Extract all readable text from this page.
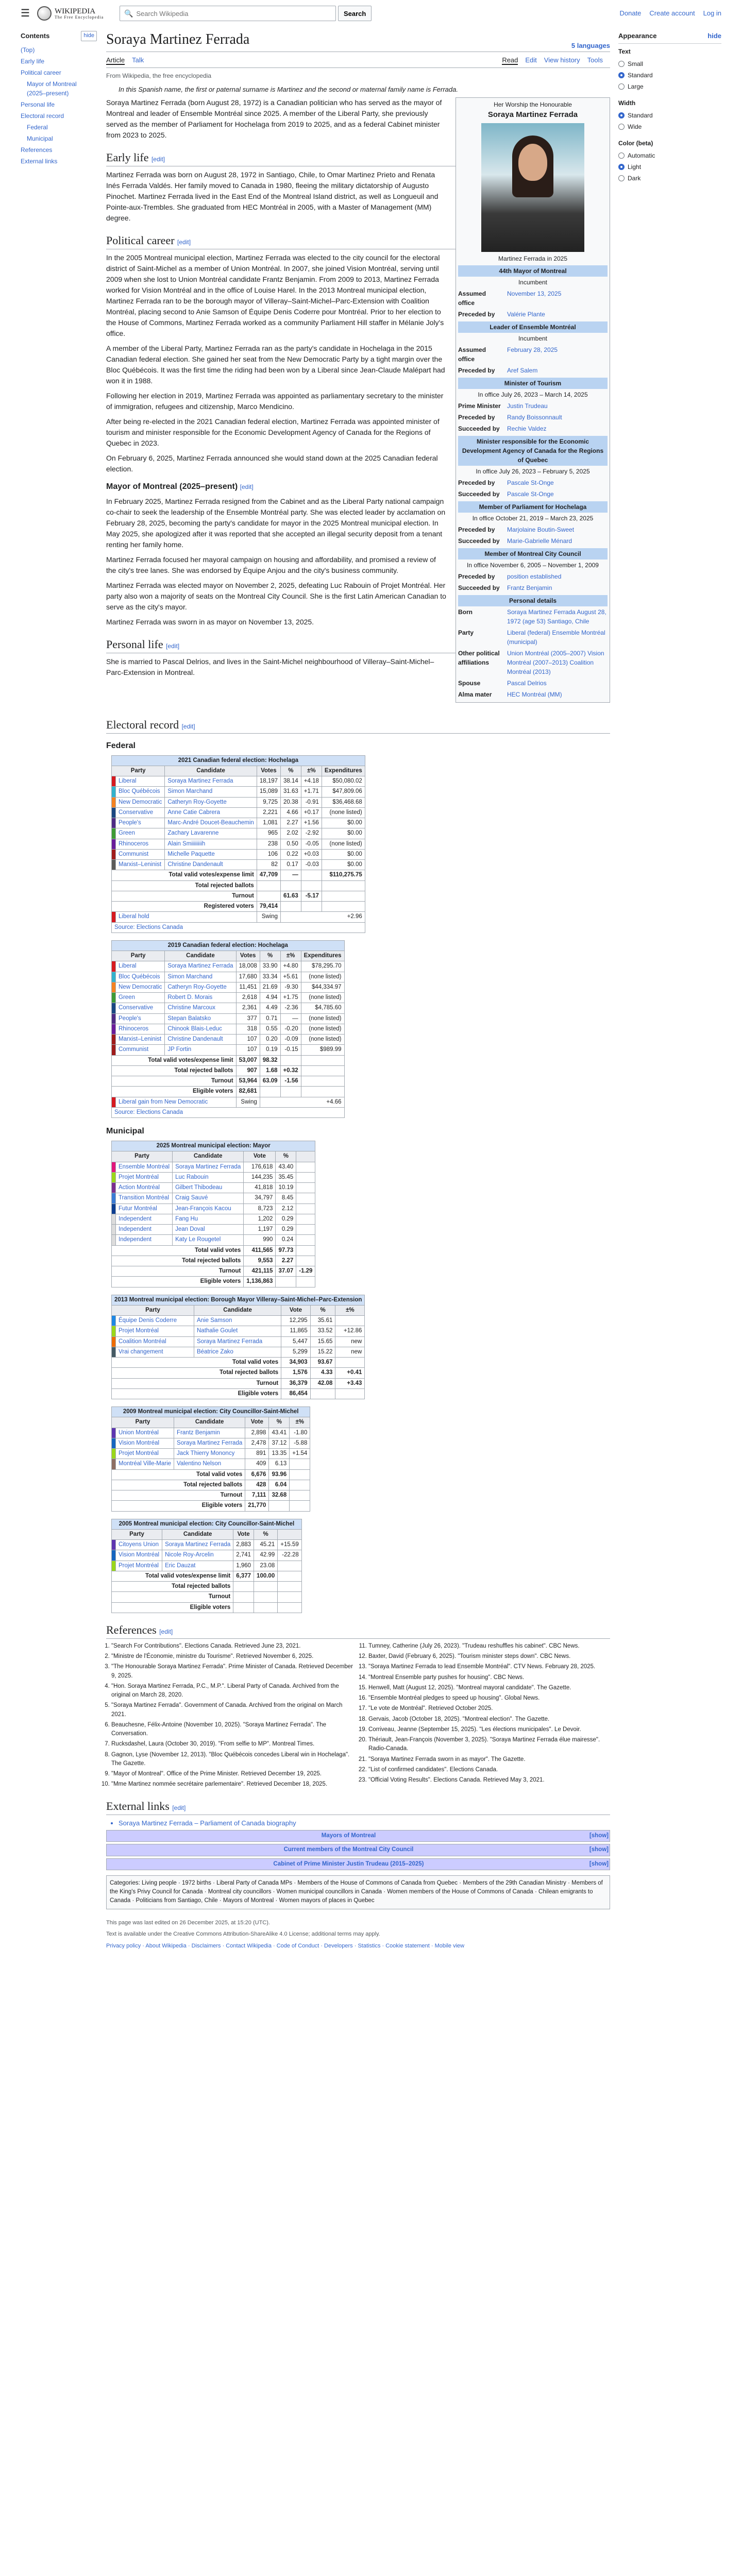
☰	WIKIPEDIA
The Free Encyclopedia	🔍
Search Wikipedia	Search	Donate Create account Log in
Contents	hide
(Top)
Early life
Political career
Mayor of Montreal (2025–present)
Personal life
Electoral record
Federal
Municipal
References
External links
Appearance	hide
Text
Small
Standard
Large
Width
Standard
Wide
Color (beta)
Automatic
Light
Dark
Soraya Martinez Ferrada	5 languages
Article Talk	Read Edit View history Tools
From Wikipedia, the free encyclopedia
In this Spanish name, the first or paternal surname is Martinez and the second or maternal family name is Ferrada.
Her Worship the Honourable
Soraya Martinez Ferrada
Martinez Ferrada in 2025
44th Mayor of Montreal
Incumbent
Assumed office
November 13, 2025
Preceded by	Valérie Plante
Leader of Ensemble Montréal
Incumbent
Assumed office
February 28, 2025
Preceded by	Aref Salem
Minister of Tourism
In office July 26, 2023 – March 14, 2025
Prime Minister	Justin Trudeau
Preceded by	Randy Boissonnault
Succeeded by	Rechie Valdez
Minister responsible for the Economic Development Agency of Canada for the Regions of Quebec
In office July 26, 2023 – February 5, 2025
Preceded by	Pascale St-Onge
Succeeded by	Pascale St-Onge
Member of Parliament for Hochelaga
In office October 21, 2019 – March 23, 2025
Preceded by	Marjolaine Boutin-Sweet
Succeeded by	Marie-Gabrielle Ménard
Member of Montreal City Council
In office November 6, 2005 – November 1, 2009
Preceded by	position established
Succeeded by	Frantz Benjamin
Personal details
Born	Soraya Martinez Ferrada August 28, 1972 (age 53) Santiago, Chile
Party	Liberal (federal) Ensemble Montréal (municipal)
Other political affiliations
Union Montréal (2005–2007) Vision Montréal (2007–2013) Coalition Montréal (2013)
Spouse	Pascal Delrios
Alma mater	HEC Montréal (MM)

Soraya Martinez Ferrada (born August 28, 1972) is a Canadian politician who has served as the mayor of Montreal and leader of Ensemble Montréal since 2025. A member of the Liberal Party, she previously served as the member of Parliament for Hochelaga from 2019 to 2025, and as a federal Cabinet minister from 2023 to 2025.

Early life [edit]

Martinez Ferrada was born on August 28, 1972 in Santiago, Chile, to Omar Martinez Prieto and Renata Inés Ferrada Valdés. Her family moved to Canada in 1980, fleeing the military dictatorship of Augusto Pinochet. Martinez Ferrada lived in the East End of the Montreal Island district, as well as Longueuil and Pointe-aux-Trembles. She graduated from HEC Montréal in 2005, with a Master of Management (MM) degree.

Political career [edit]

In the 2005 Montreal municipal election, Martinez Ferrada was elected to the city council for the electoral district of Saint-Michel as a member of Union Montréal. In 2007, she joined Vision Montréal, serving until 2009 when she lost to Union Montréal candidate Frantz Benjamin. From 2009 to 2013, Martinez Ferrada worked for Vision Montréal and in the office of Louise Harel. In the 2013 Montreal municipal election, Martinez Ferrada ran to be the borough mayor of Villeray–Saint-Michel–Parc-Extension with Coalition Montréal, placing second to Anie Samson of Équipe Denis Coderre pour Montréal. Prior to her election to the House of Commons, Martinez Ferrada worked as a community Parliament Hill staffer in Mélanie Joly's office.

A member of the Liberal Party, Martinez Ferrada ran as the party's candidate in Hochelaga in the 2015 Canadian federal election. She gained her seat from the New Democratic Party by a tight margin over the Bloc Québécois. It was the first time the riding had been won by a Liberal since Jean-Claude Malépart had won it in 1988.

Following her election in 2019, Martinez Ferrada was appointed as parliamentary secretary to the minister of immigration, refugees and citizenship, Marco Mendicino.

After being re-elected in the 2021 Canadian federal election, Martinez Ferrada was appointed minister of tourism and minister responsible for the Economic Development Agency of Canada for the Regions of Quebec in 2023.

On February 6, 2025, Martinez Ferrada announced she would stand down at the 2025 Canadian federal election.

Mayor of Montreal (2025–present) [edit]

In February 2025, Martinez Ferrada resigned from the Cabinet and as the Liberal Party national campaign co-chair to seek the leadership of the Ensemble Montréal party. She was elected leader by acclamation on February 28, 2025, becoming the party's candidate for mayor in the 2025 Montreal municipal election. In May 2025, she apologized after it was reported that she accepted an illegal security deposit from a tenant renting her family home.

Martinez Ferrada focused her mayoral campaign on housing and affordability, and promised a review of the city's tree lanes. She was endorsed by Équipe Anjou and the city's business community.

Martinez Ferrada was elected mayor on November 2, 2025, defeating Luc Rabouin of Projet Montréal. Her party also won a majority of seats on the Montreal City Council. She is the first Latin American Canadian to serve as the city's mayor.

Martinez Ferrada was sworn in as mayor on November 13, 2025.

Personal life [edit]

She is married to Pascal Delrios, and lives in the Saint-Michel neighbourhood of Villeray–Saint-Michel–Parc-Extension in Montreal.

Electoral record [edit]
Federal
2021 Canadian federal election: Hochelaga						
Party		Candidate	Votes	%	±%	Expenditures
	Liberal	Soraya Martinez Ferrada	18,197	38.14	+4.18	$50,080.02
	Bloc Québécois	Simon Marchand	15,089	31.63	+1.71	$47,809.06
	New Democratic	Catheryn Roy-Goyette	9,725	20.38	-0.91	$36,468.68
	Conservative	Anne Catie Cabrera	2,221	4.66	+0.17	(none listed)
	People's	Marc-André Doucet-Beauchemin	1,081	2.27	+1.56	$0.00
	Green	Zachary Lavarenne	965	2.02	-2.92	$0.00
	Rhinoceros	Alain Smiiiiiiiih	238	0.50	-0.05	(none listed)
	Communist	Michelle Paquette	106	0.22	+0.03	$0.00
	Marxist–Leninist	Christine Dandenault	82	0.17	-0.03	$0.00
Total valid votes/expense limit			47,709	—		$110,275.75
Total rejected ballots						
Turnout				61.63	-5.17	
Registered voters			79,414			
	Liberal hold		Swing	+2.96		
Source: Elections Canada						
2019 Canadian federal election: Hochelaga						
Party		Candidate	Votes	%	±%	Expenditures
	Liberal	Soraya Martinez Ferrada	18,008	33.90	+4.80	$78,295.70
	Bloc Québécois	Simon Marchand	17,680	33.34	+5.61	(none listed)
	New Democratic	Catheryn Roy-Goyette	11,451	21.69	-9.30	$44,334.97
	Green	Robert D. Morais	2,618	4.94	+1.75	(none listed)
	Conservative	Christine Marcoux	2,361	4.49	-2.36	$4,785.60
	People's	Stepan Balatsko	377	0.71	—	(none listed)
	Rhinoceros	Chinook Blais-Leduc	318	0.55	-0.20	(none listed)
	Marxist–Leninist	Christine Dandenault	107	0.20	-0.09	(none listed)
	Communist	JP Fortin	107	0.19	-0.15	$989.99
Total valid votes/expense limit			53,007	98.32		
Total rejected ballots			907	1.68	+0.32	
Turnout			53,964	63.09	-1.56	
Eligible voters			82,681			
	Liberal gain from New Democratic		Swing	+4.66		
Source: Elections Canada						
Municipal
2025 Montreal municipal election: Mayor					
Party		Candidate	Vote	%	
	Ensemble Montréal	Soraya Martinez Ferrada	176,618	43.40	
	Projet Montréal	Luc Rabouin	144,235	35.45	
	Action Montréal	Gilbert Thibodeau	41,818	10.19	
	Transition Montréal	Craig Sauvé	34,797	8.45	
	Futur Montréal	Jean-François Kacou	8,723	2.12	
	Independent	Fang Hu	1,202	0.29	
	Independent	Jean Doval	1,197	0.29	
	Independent	Katy Le Rougetel	990	0.24	
Total valid votes			411,565	97.73	
Total rejected ballots			9,553	2.27	
Turnout			421,115	37.07	-1.29
Eligible voters			1,136,863		
2013 Montreal municipal election: Borough Mayor Villeray–Saint-Michel–Parc-Extension					
Party		Candidate	Vote	%	±%
	Équipe Denis Coderre	Anie Samson	12,295	35.61	
	Projet Montréal	Nathalie Goulet	11,865	33.52	+12.86
	Coalition Montréal	Soraya Martinez Ferrada	5,447	15.65	new
	Vrai changement	Béatrice Zako	5,299	15.22	new
Total valid votes			34,903	93.67	
Total rejected ballots			1,576	4.33	+0.41
Turnout			36,379	42.08	+3.43
Eligible voters			86,454		
2009 Montreal municipal election: City Councillor-Saint-Michel					
Party		Candidate	Vote	%	±%
	Union Montréal	Frantz Benjamin	2,898	43.41	-1.80
	Vision Montréal	Soraya Martinez Ferrada	2,478	37.12	-5.88
	Projet Montréal	Jack Thierry Mononcy	891	13.35	+1.54
	Montréal Ville-Marie	Valentino Nelson	409	6.13	
Total valid votes			6,676	93.96	
Total rejected ballots			428	6.04	
Turnout			7,111	32.68	
Eligible voters			21,770		
2005 Montreal municipal election: City Councillor-Saint-Michel					
Party		Candidate	Vote	%	
	Citoyens Union	Soraya Martinez Ferrada	2,883	45.21	+15.59
	Vision Montréal	Nicole Roy-Arcelin	2,741	42.99	-22.28
	Projet Montréal	Eric Dauzat	1,960	23.08	
Total valid votes/expense limit			6,377	100.00	
Total rejected ballots					
Turnout					
Eligible voters					
References [edit]
1. "Search For Contributions". Elections Canada. Retrieved June 23, 2021.
2. "Ministre de l'Économie, ministre du Tourisme". Retrieved November 6, 2025.
3. "The Honourable Soraya Martinez Ferrada". Prime Minister of Canada. Retrieved December 9, 2025.
4. "Hon. Soraya Martinez Ferrada, P.C., M.P.". Liberal Party of Canada. Archived from the original on March 28, 2020.
5. "Soraya Martinez Ferrada". Government of Canada. Archived from the original on March 2021.
6. Beauchesne, Félix-Antoine (November 10, 2025). "Soraya Martinez Ferrada". The Conversation.
7. Rucksdashel, Laura (October 30, 2019). "From selfie to MP". Montreal Times.
8. Gagnon, Lyse (November 12, 2013). "Bloc Québécois concedes Liberal win in Hochelaga". The Gazette.
9. "Mayor of Montreal". Office of the Prime Minister. Retrieved December 19, 2025.
10. "Mme Martinez nommée secrétaire parlementaire". Retrieved December 18, 2025.
11. Tumney, Catherine (July 26, 2023). "Trudeau reshuffles his cabinet". CBC News.
12. Baxter, David (February 6, 2025). "Tourism minister steps down". CBC News.
13. "Soraya Martinez Ferrada to lead Ensemble Montréal". CTV News. February 28, 2025.
14. "Montreal Ensemble party pushes for housing". CBC News.
15. Henwell, Matt (August 12, 2025). "Montreal mayoral candidate". The Gazette.
16. "Ensemble Montréal pledges to speed up housing". Global News.
17. "Le vote de Montréal". Retrieved October 2025.
18. Gervais, Jacob (October 18, 2025). "Montreal election". The Gazette.
19. Corriveau, Jeanne (September 15, 2025). "Les élections municipales". Le Devoir.
20. Thériault, Jean-François (November 3, 2025). "Soraya Martinez Ferrada élue mairesse". Radio-Canada.
21. "Soraya Martinez Ferrada sworn in as mayor". The Gazette.
22. "List of confirmed candidates". Elections Canada.
23. "Official Voting Results". Elections Canada. Retrieved May 3, 2021.
External links [edit]
• Soraya Martinez Ferrada – Parliament of Canada biography
Mayors of Montreal	[show]
Current members of the Montreal City Council	[show]
Cabinet of Prime Minister Justin Trudeau (2015–2025)	[show]
Categories: Living people · 1972 births · Liberal Party of Canada MPs · Members of the House of Commons of Canada from Quebec · Members of the 29th Canadian Ministry · Members of the King's Privy Council for Canada · Montreal city councillors · Women municipal councillors in Canada · Women members of the House of Commons of Canada · Chilean emigrants to Canada · Politicians from Santiago, Chile · Mayors of Montreal · Women mayors of places in Quebec
This page was last edited on 26 December 2025, at 15:20 (UTC).
Text is available under the Creative Commons Attribution-ShareAlike 4.0 License; additional terms may apply.
Privacy policy · About Wikipedia · Disclaimers · Contact Wikipedia · Code of Conduct · Developers · Statistics · Cookie statement · Mobile view
